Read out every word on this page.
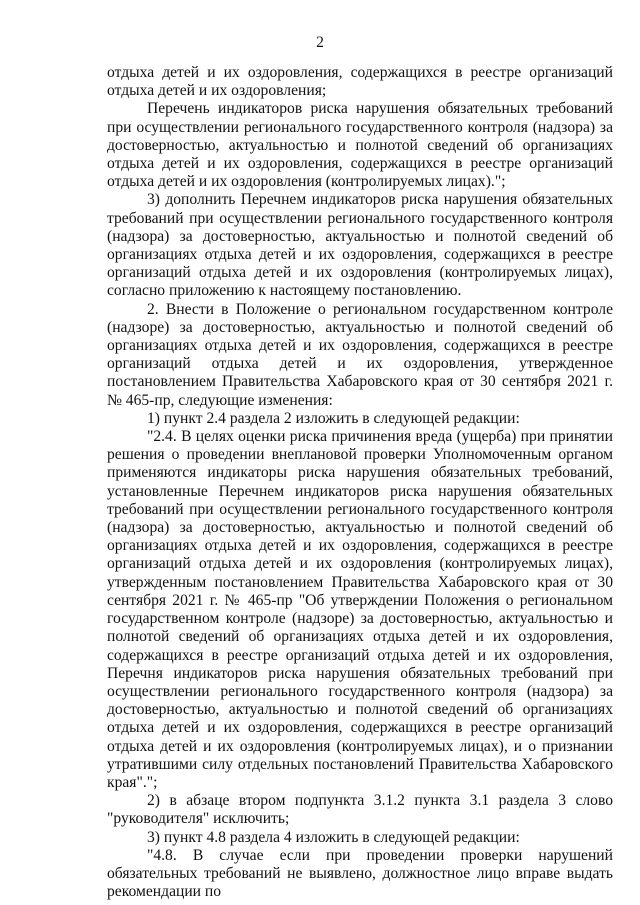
2

отдыха детей и их оздоровления, содержащихся в реестре организаций отдыха детей и их оздоровления;

Перечень индикаторов риска нарушения обязательных требований при осуществлении регионального государственного контроля (надзора) за достоверностью, актуальностью и полнотой сведений об организациях отдыха детей и их оздоровления, содержащихся в реестре организаций отдыха детей и их оздоровления (контролируемых лицах).";

3) дополнить Перечнем индикаторов риска нарушения обязательных требований при осуществлении регионального государственного контроля (надзора) за достоверностью, актуальностью и полнотой сведений об организациях отдыха детей и их оздоровления, содержащихся в реестре организаций отдыха детей и их оздоровления (контролируемых лицах), согласно приложению к настоящему постановлению.

2. Внести в Положение о региональном государственном контроле (надзоре) за достоверностью, актуальностью и полнотой сведений об организациях отдыха детей и их оздоровления, содержащихся в реестре организаций отдыха детей и их оздоровления, утвержденное постановлением Правительства Хабаровского края от 30 сентября 2021 г. № 465-пр, следующие изменения:

1) пункт 2.4 раздела 2 изложить в следующей редакции:

"2.4. В целях оценки риска причинения вреда (ущерба) при принятии решения о проведении внеплановой проверки Уполномоченным органом применяются индикаторы риска нарушения обязательных требований, установленные Перечнем индикаторов риска нарушения обязательных требований при осуществлении регионального государственного контроля (надзора) за достоверностью, актуальностью и полнотой сведений об организациях отдыха детей и их оздоровления, содержащихся в реестре организаций отдыха детей и их оздоровления (контролируемых лицах), утвержденным постановлением Правительства Хабаровского края от 30 сентября 2021 г. № 465-пр "Об утверждении Положения о региональном государственном контроле (надзоре) за достоверностью, актуальностью и полнотой сведений об организациях отдыха детей и их оздоровления, содержащихся в реестре организаций отдыха детей и их оздоровления, Перечня индикаторов риска нарушения обязательных требований при осуществлении регионального государственного контроля (надзора) за достоверностью, актуальностью и полнотой сведений об организациях отдыха детей и их оздоровления, содержащихся в реестре организаций отдыха детей и их оздоровления (контролируемых лицах), и о признании утратившими силу отдельных постановлений Правительства Хабаровского края".";

2) в абзаце втором подпункта 3.1.2 пункта 3.1 раздела 3 слово "руководителя" исключить;

3) пункт 4.8 раздела 4 изложить в следующей редакции:

"4.8. В случае если при проведении проверки нарушений обязательных требований не выявлено, должностное лицо вправе выдать рекомендации по
